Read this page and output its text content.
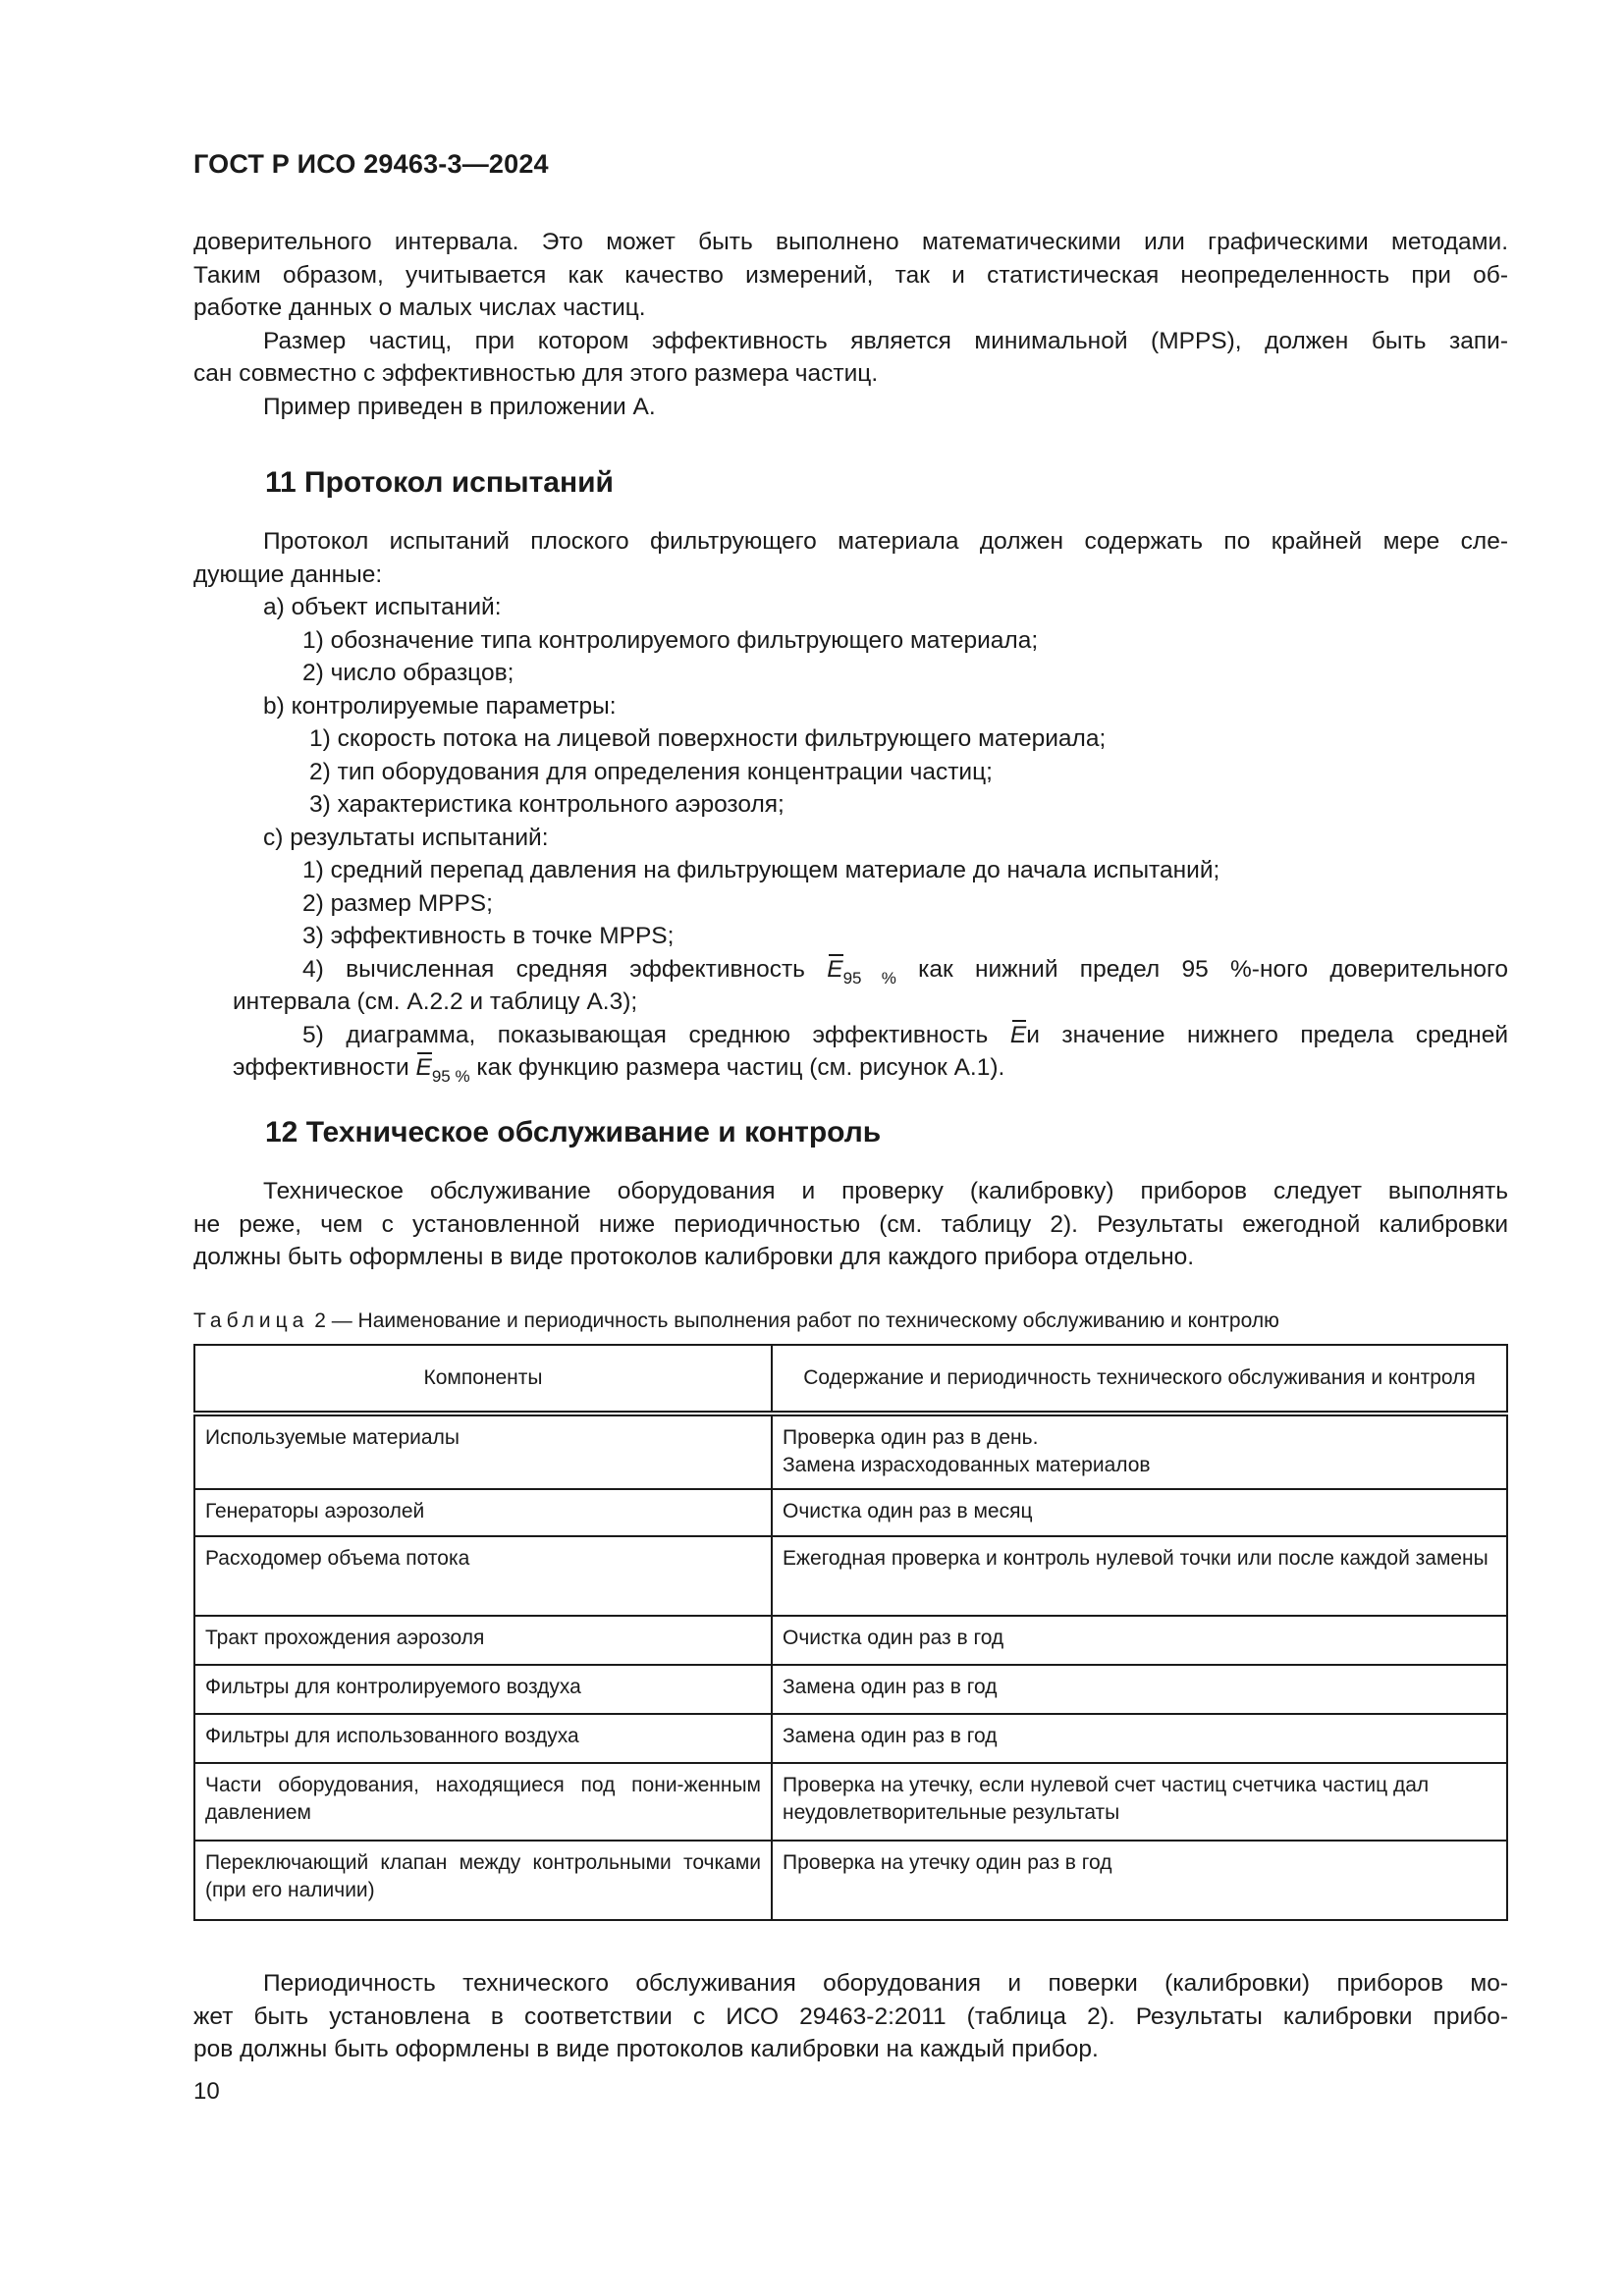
ГОСТ Р ИСО 29463-3—2024
доверительного интервала. Это может быть выполнено математическими или графическими методами.
Таким образом, учитывается как качество измерений, так и статистическая неопределенность при об-
работке данных о малых числах частиц.
Размер частиц, при котором эффективность является минимальной (MPPS), должен быть запи-
сан совместно с эффективностью для этого размера частиц.
Пример приведен в приложении А.
11 Протокол испытаний
Протокол испытаний плоского фильтрующего материала должен содержать по крайней мере сле-
дующие данные:
a) объект испытаний:
1) обозначение типа контролируемого фильтрующего материала;
2) число образцов;
b) контролируемые параметры:
1) скорость потока на лицевой поверхности фильтрующего материала;
2) тип оборудования для определения концентрации частиц;
3) характеристика контрольного аэрозоля;
c) результаты испытаний:
1) средний перепад давления на фильтрующем материале до начала испытаний;
2) размер MPPS;
3) эффективность в точке MPPS;
4) вычисленная средняя эффективность $E_{95 \%}$ как нижний предел 95 %-ного доверительного
интервала (см. А.2.2 и таблицу А.3);
5) диаграмма, показывающая среднюю эффективность Eи значение нижнего предела средней
эффективности $E_{95 \%}$ как функцию размера частиц (см. рисунок А.1).
12 Техническое обслуживание и контроль
Техническое обслуживание оборудования и проверку (калибровку) приборов следует выполнять
не реже, чем с установленной ниже периодичностью (см. таблицу 2). Результаты ежегодной калибровки
должны быть оформлены в виде протоколов калибровки для каждого прибора отдельно.
Таблица 2 — Наименование и периодичность выполнения работ по техническому обслуживанию и контролю
Компоненты	Содержание и периодичность технического обслуживания и контроля
Используемые материалы	Проверка один раз в день.
Замена израсходованных материалов

Генераторы аэрозолей	Очистка один раз в месяц
Расходомер объема потока	Ежегодная проверка и контроль нулевой точки или после каждой замены
Тракт прохождения аэрозоля	Очистка один раз в год
Фильтры для контролируемого воздуха	Замена один раз в год
Фильтры для использованного воздуха	Замена один раз в год
Части оборудования, находящиеся под пони-женным давлением	Проверка на утечку, если нулевой счет частиц счетчика частиц дал неудовлетворительные результаты
Переключающий клапан между контрольными точками (при его наличии)	Проверка на утечку один раз в год
Периодичность технического обслуживания оборудования и поверки (калибровки) приборов мо-
жет быть установлена в соответствии с ИСО 29463-2:2011 (таблица 2). Результаты калибровки прибо-
ров должны быть оформлены в виде протоколов калибровки на каждый прибор.
10
